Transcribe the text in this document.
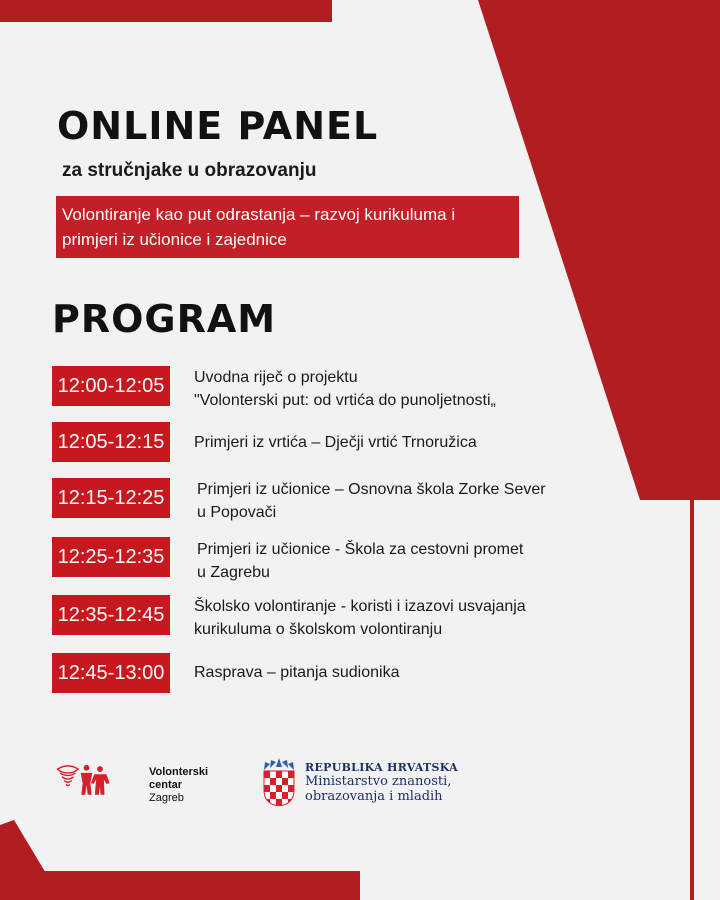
ONLINE PANEL
za stručnjake u obrazovanju
Volontiranje kao put odrastanja – razvoj kurikuluma i
primjeri iz učionice i zajednice
PROGRAM
12:00-12:05	Uvodna riječ o projektu
"Volonterski put: od vrtića do punoljetnosti„
12:05-12:15	Primjeri iz vrtića – Dječji vrtić Trnoružica
12:15-12:25	Primjeri iz učionice – Osnovna škola Zorke Sever
u Popovači
12:25-12:35	Primjeri iz učionice - Škola za cestovni promet
u Zagrebu
12:35-12:45	Školsko volontiranje - koristi i izazovi usvajanja
kurikuluma o školskom volontiranju
12:45-13:00	Rasprava – pitanja sudionika
Volonterski
centar
Zagreb
REPUBLIKA HRVATSKA
Ministarstvo znanosti,
obrazovanja i mladih
